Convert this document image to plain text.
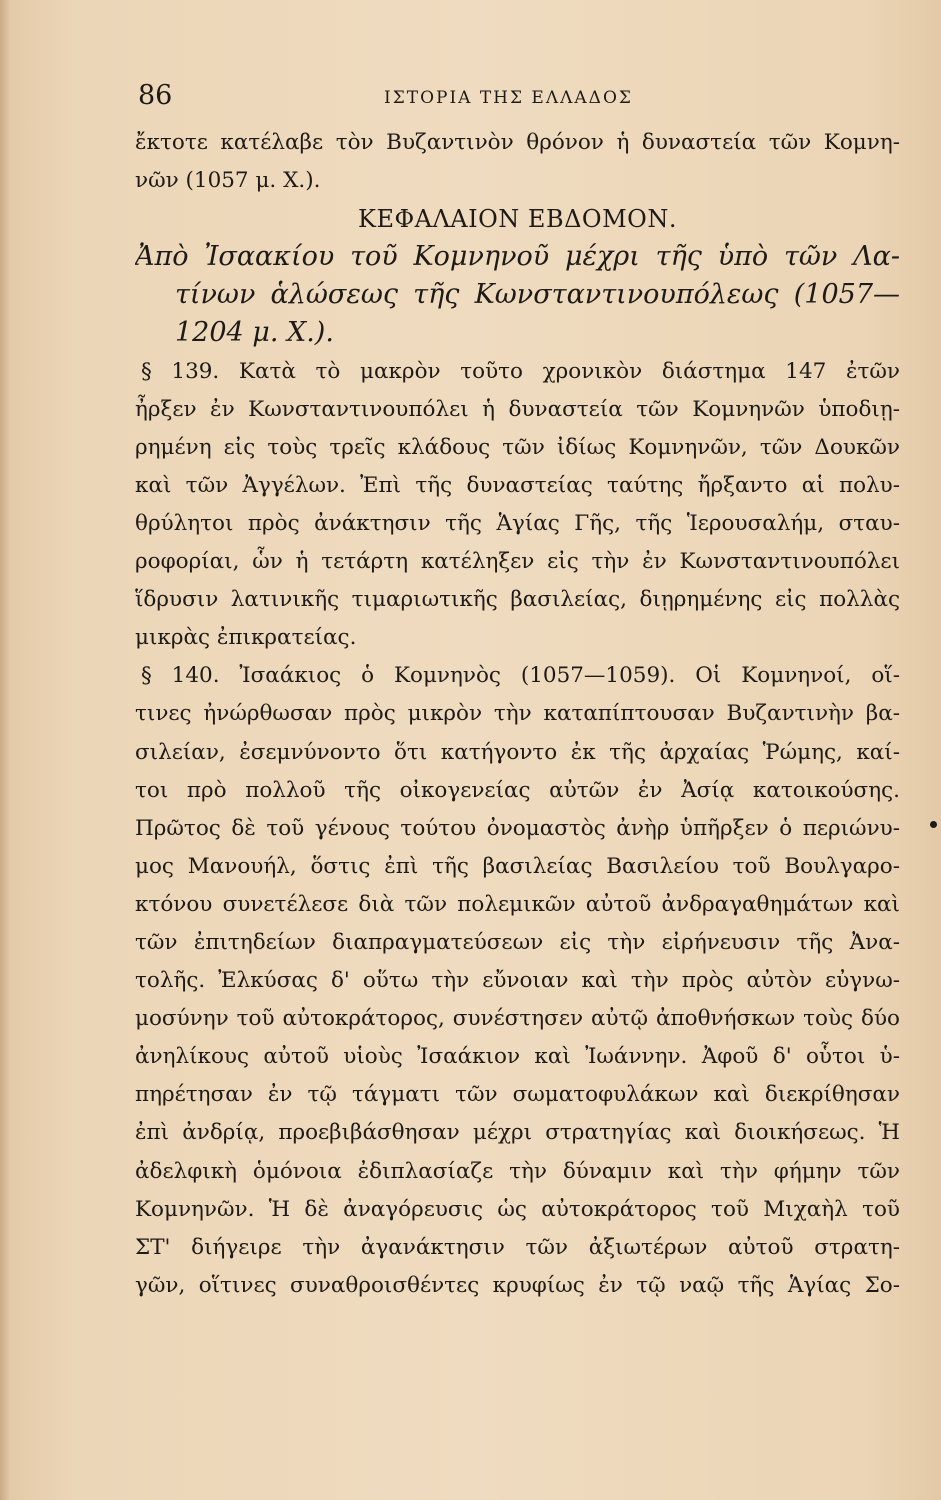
86	ΙΣΤΟΡΙΑ ΤΗΣ ΕΛΛΑΔΟΣ
ἔκτοτε κατέλαβε τὸν Βυζαντινὸν θρόνον ἡ δυναστεία τῶν Κομνη-
νῶν (1057 μ. Χ.).
ΚΕΦΑΛΑΙΟΝ ΕΒΔΟΜΟΝ.
Ἀπὸ Ἰσαακίου τοῦ Κομνηνοῦ μέχρι τῆς ὑπὸ τῶν Λα-
τίνων ἁλώσεως τῆς Κωνσταντινουπόλεως (1057—
1204 μ. Χ.).
§ 139. Κατὰ τὸ μακρὸν τοῦτο χρονικὸν διάστημα 147 ἐτῶν
ἦρξεν ἐν Κωνσταντινουπόλει ἡ δυναστεία τῶν Κομνηνῶν ὑποδιῃ-
ρημένη εἰς τοὺς τρεῖς κλάδους τῶν ἰδίως Κομνηνῶν, τῶν Δουκῶν
καὶ τῶν Ἀγγέλων. Ἐπὶ τῆς δυναστείας ταύτης ἤρξαντο αἱ πολυ-
θρύλητοι πρὸς ἀνάκτησιν τῆς Ἁγίας Γῆς, τῆς Ἱερουσαλήμ, σταυ-
ροφορίαι, ὧν ἡ τετάρτη κατέληξεν εἰς τὴν ἐν Κωνσταντινουπόλει
ἵδρυσιν λατινικῆς τιμαριωτικῆς βασιλείας, διῃρημένης εἰς πολλὰς
μικρὰς ἐπικρατείας.
§ 140. Ἰσαάκιος ὁ Κομνηνὸς (1057—1059). Οἱ Κομνηνοί, οἵ-
τινες ἠνώρθωσαν πρὸς μικρὸν τὴν καταπίπτουσαν Βυζαντινὴν βα-
σιλείαν, ἐσεμνύνοντο ὅτι κατήγοντο ἐκ τῆς ἀρχαίας Ῥώμης, καί-
τοι πρὸ πολλοῦ τῆς οἰκογενείας αὐτῶν ἐν Ἀσίᾳ κατοικούσης.
Πρῶτος δὲ τοῦ γένους τούτου ὀνομαστὸς ἀνὴρ ὑπῆρξεν ὁ περιώνυ-
μος Μανουήλ, ὅστις ἐπὶ τῆς βασιλείας Βασιλείου τοῦ Βουλγαρο-
κτόνου συνετέλεσε διὰ τῶν πολεμικῶν αὐτοῦ ἀνδραγαθημάτων καὶ
τῶν ἐπιτηδείων διαπραγματεύσεων εἰς τὴν εἰρήνευσιν τῆς Ἀνα-
τολῆς. Ἐλκύσας δ' οὕτω τὴν εὔνοιαν καὶ τὴν πρὸς αὐτὸν εὐγνω-
μοσύνην τοῦ αὐτοκράτορος, συνέστησεν αὐτῷ ἀποθνήσκων τοὺς δύο
ἀνηλίκους αὐτοῦ υἱοὺς Ἰσαάκιον καὶ Ἰωάννην. Ἀφοῦ δ' οὗτοι ὑ-
πηρέτησαν ἐν τῷ τάγματι τῶν σωματοφυλάκων καὶ διεκρίθησαν
ἐπὶ ἀνδρίᾳ, προεβιβάσθησαν μέχρι στρατηγίας καὶ διοικήσεως. Ἡ
ἀδελφικὴ ὁμόνοια ἐδιπλασίαζε τὴν δύναμιν καὶ τὴν φήμην τῶν
Κομνηνῶν. Ἡ δὲ ἀναγόρευσις ὡς αὐτοκράτορος τοῦ Μιχαὴλ τοῦ
ΣΤ' διήγειρε τὴν ἀγανάκτησιν τῶν ἀξιωτέρων αὐτοῦ στρατη-
γῶν, οἵτινες συναθροισθέντες κρυφίως ἐν τῷ ναῷ τῆς Ἁγίας Σο-
